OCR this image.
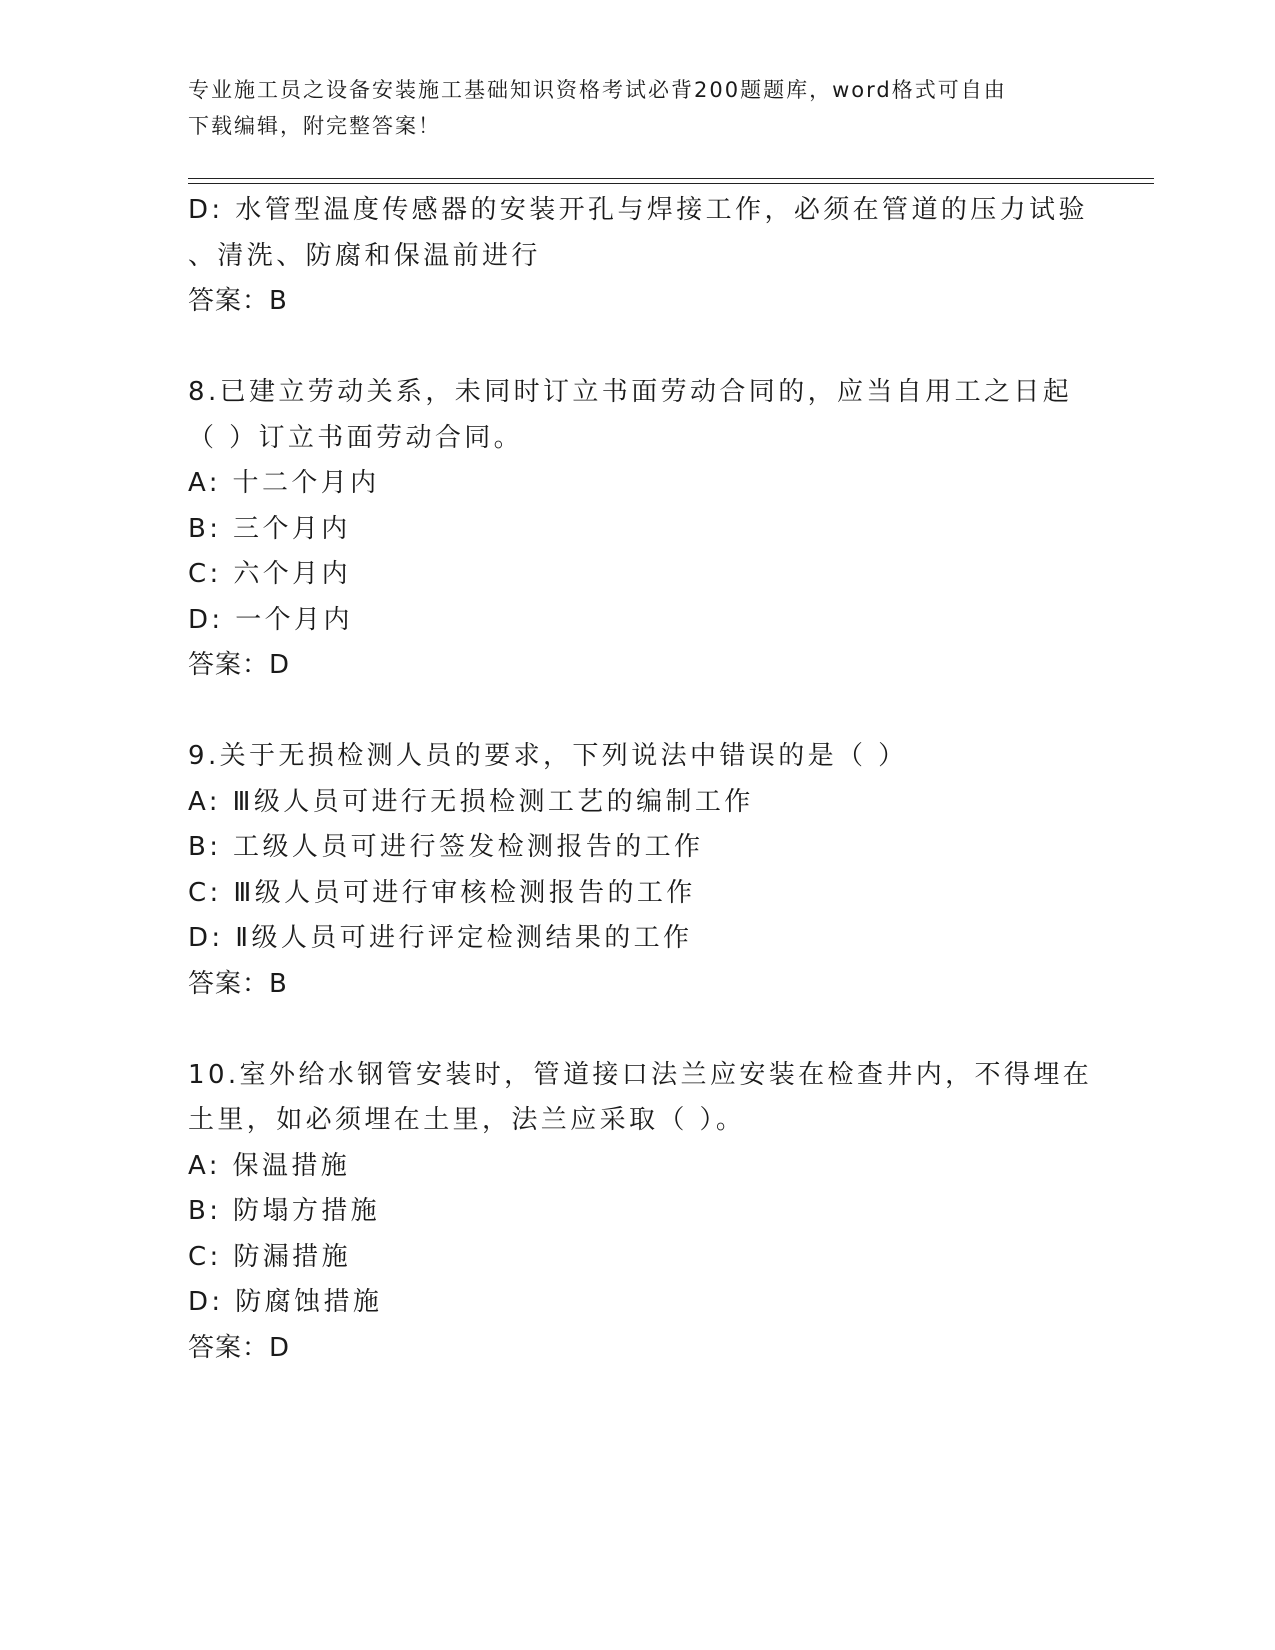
专业施工员之设备安装施工基础知识资格考试必背200题题库，word格式可自由
下载编辑，附完整答案！
D: 水管型温度传感器的安装开孔与焊接工作，必须在管道的压力试验
、清洗、防腐和保温前进行
答案：B
8.已建立劳动关系，未同时订立书面劳动合同的，应当自用工之日起
（ ）订立书面劳动合同。
A: 十二个月内
B: 三个月内
C: 六个月内
D: 一个月内
答案：D
9.关于无损检测人员的要求，下列说法中错误的是（ ）
A: Ⅲ级人员可进行无损检测工艺的编制工作
B: 工级人员可进行签发检测报告的工作
C: Ⅲ级人员可进行审核检测报告的工作
D: Ⅱ级人员可进行评定检测结果的工作
答案：B
10.室外给水钢管安装时，管道接口法兰应安装在检查井内，不得埋在
土里，如必须埋在土里，法兰应采取（ ）。
A: 保温措施
B: 防塌方措施
C: 防漏措施
D: 防腐蚀措施
答案：D
